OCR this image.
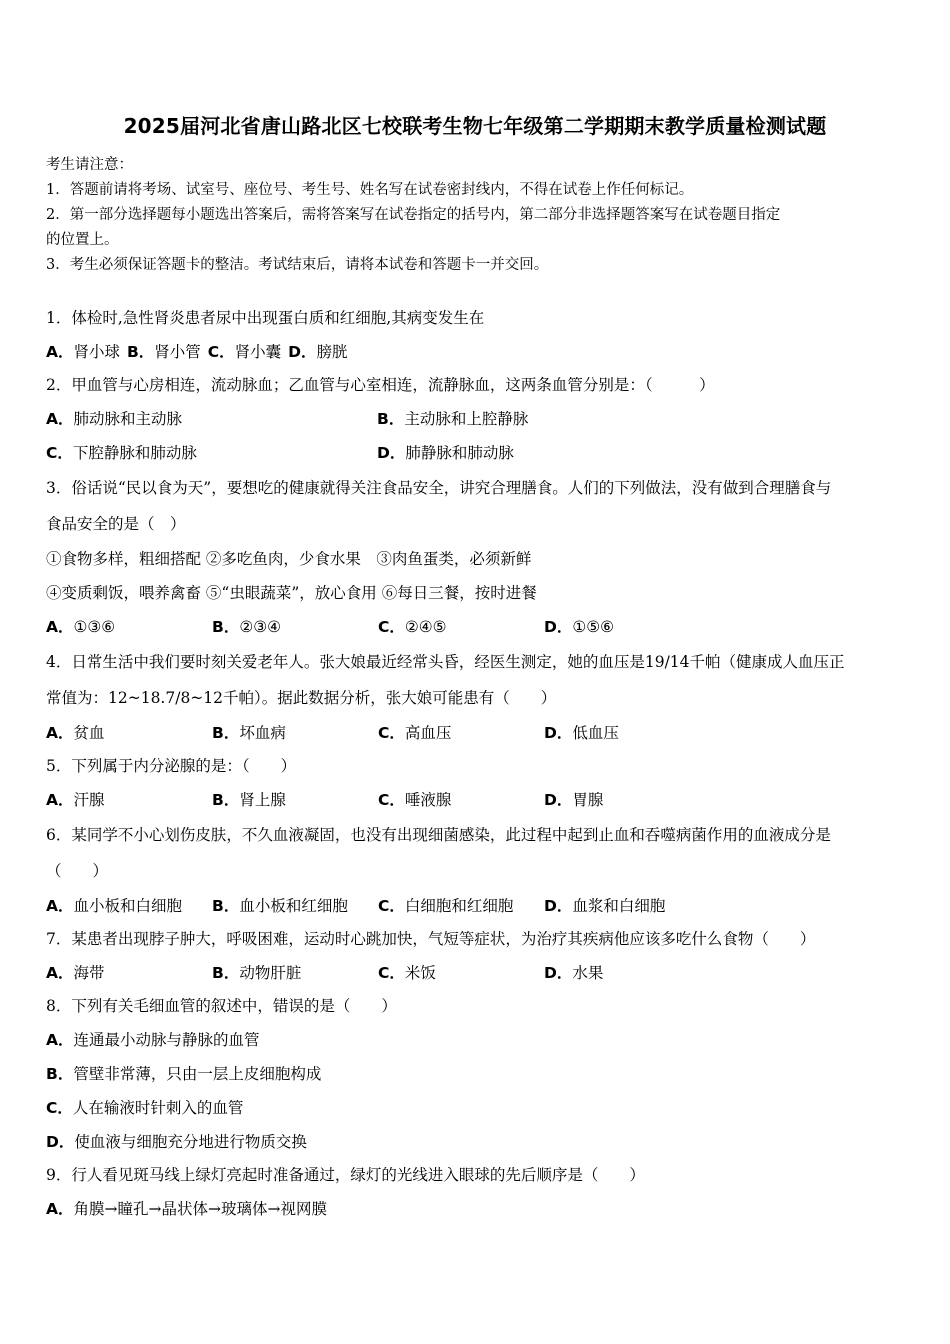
2025届河北省唐山路北区七校联考生物七年级第二学期期末教学质量检测试题

考生请注意：

1．答题前请将考场、试室号、座位号、考生号、姓名写在试卷密封线内，不得在试卷上作任何标记。

2．第一部分选择题每小题选出答案后，需将答案写在试卷指定的括号内，第二部分非选择题答案写在试卷题目指定

的位置上。

3．考生必须保证答题卡的整洁。考试结束后，请将本试卷和答题卡一并交回。

1．体检时,急性肾炎患者尿中出现蛋白质和红细胞,其病变发生在

A．肾小球 B．肾小管 C．肾小囊 D．膀胱

2．甲血管与心房相连，流动脉血；乙血管与心室相连，流静脉血，这两条血管分别是：（　　　）

A．肺动脉和主动脉	B．主动脉和上腔静脉
C．下腔静脉和肺动脉	D．肺静脉和肺动脉

3．俗话说“民以食为天”，要想吃的健康就得关注食品安全，讲究合理膳食。人们的下列做法，没有做到合理膳食与

食品安全的是（　）

①食物多样，粗细搭配 ②多吃鱼肉，少食水果　③肉鱼蛋类，必须新鲜

④变质剩饭，喂养禽畜 ⑤“虫眼蔬菜”，放心食用 ⑥每日三餐，按时进餐

A．①③⑥	B．②③④	C．②④⑤	D．①⑤⑥

4．日常生活中我们要时刻关爱老年人。张大娘最近经常头昏，经医生测定，她的血压是19/14千帕（健康成人血压正

常值为：12~18.7/8~12千帕）。据此数据分析，张大娘可能患有（　　）

A．贫血	B．坏血病	C．高血压	D．低血压

5．下列属于内分泌腺的是：（　　）

A．汗腺	B．肾上腺	C．唾液腺	D．胃腺

6．某同学不小心划伤皮肤，不久血液凝固，也没有出现细菌感染，此过程中起到止血和吞噬病菌作用的血液成分是

（　　）

A．血小板和白细胞	B．血小板和红细胞	C．白细胞和红细胞	D．血浆和白细胞

7．某患者出现脖子肿大，呼吸困难，运动时心跳加快，气短等症状，为治疗其疾病他应该多吃什么食物（　　）

A．海带	B．动物肝脏	C．米饭	D．水果

8．下列有关毛细血管的叙述中，错误的是（　　）

A．连通最小动脉与静脉的血管

B．管壁非常薄，只由一层上皮细胞构成

C．人在输液时针刺入的血管

D．使血液与细胞充分地进行物质交换

9．行人看见斑马线上绿灯亮起时准备通过，绿灯的光线进入眼球的先后顺序是（　　）

A．角膜→瞳孔→晶状体→玻璃体→视网膜
